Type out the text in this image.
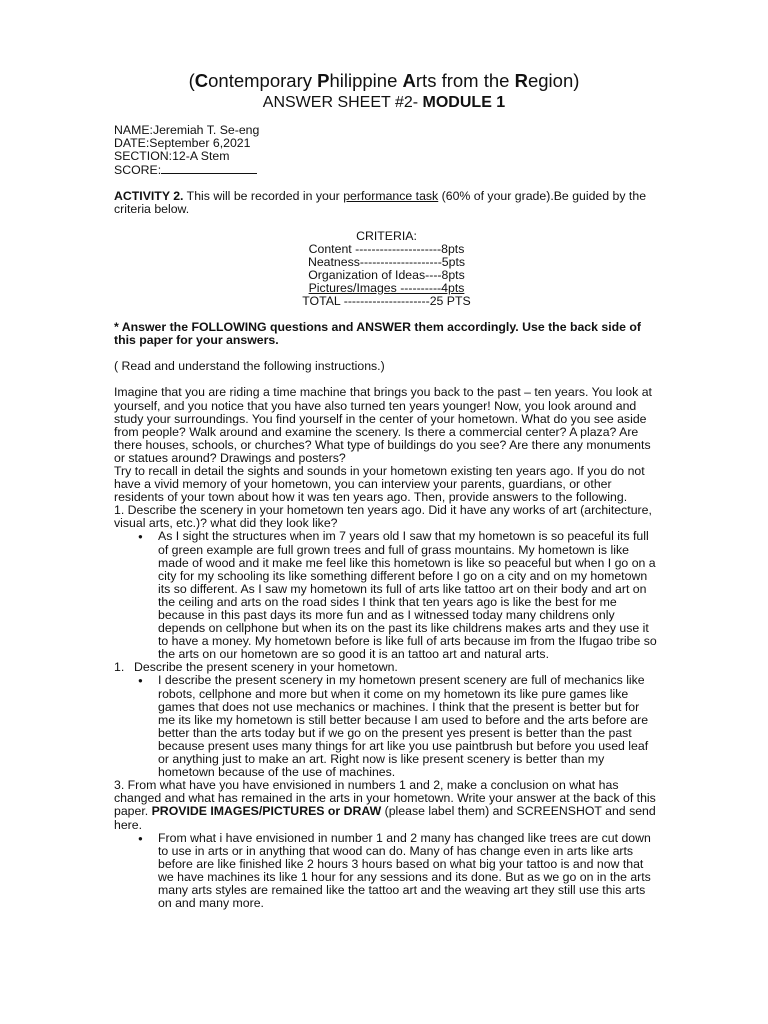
(Contemporary Philippine Arts from the Region)
ANSWER SHEET #2- MODULE 1

NAME:Jeremiah T. Se-eng

DATE:September 6,2021

SECTION:12-A Stem

SCORE:

ACTIVITY 2. This will be recorded in your performance task (60% of your grade).Be guided by the criteria below.

CRITERIA:

Content ---------------------8pts

Neatness--------------------5pts

Organization of Ideas----8pts

Pictures/Images ----------4pts

TOTAL ---------------------25 PTS

* Answer the FOLLOWING questions and ANSWER them accordingly. Use the back side of this paper for your answers.

( Read and understand the following instructions.)

Imagine that you are riding a time machine that brings you back to the past – ten years. You look at yourself, and you notice that you have also turned ten years younger! Now, you look around and study your surroundings. You find yourself in the center of your hometown. What do you see aside from people? Walk around and examine the scenery. Is there a commercial center? A plaza? Are there houses, schools, or churches? What type of buildings do you see? Are there any monuments or statues around? Drawings and posters?

Try to recall in detail the sights and sounds in your hometown existing ten years ago. If you do not have a vivid memory of your hometown, you can interview your parents, guardians, or other residents of your town about how it was ten years ago. Then, provide answers to the following.

1. Describe the scenery in your hometown ten years ago. Did it have any works of art (architecture, visual arts, etc.)? what did they look like?

● As I sight the structures when im 7 years old I saw that my hometown is so peaceful its full of green example are full grown trees and full of grass mountains. My hometown is like made of wood and it make me feel like this hometown is like so peaceful but when I go on a city for my schooling its like something different before I go on a city and on my hometown its so different. As I saw my hometown its full of arts like tattoo art on their body and art on the ceiling and arts on the road sides I think that ten years ago is like the best for me because in this past days its more fun and as I witnessed today many childrens only depends on cellphone but when its on the past its like childrens makes arts and they use it to have a money. My hometown before is like full of arts because im from the Ifugao tribe so the arts on our hometown are so good it is an tattoo art and natural arts.
1. Describe the present scenery in your hometown.
● I describe the present scenery in my hometown present scenery are full of mechanics like robots, cellphone and more but when it come on my hometown its like pure games like games that does not use mechanics or machines. I think that the present is better but for me its like my hometown is still better because I am used to before and the arts before are better than the arts today but if we go on the present yes present is better than the past because present uses many things for art like you use paintbrush but before you used leaf or anything just to make an art. Right now is like present scenery is better than my hometown because of the use of machines.

3. From what have you have envisioned in numbers 1 and 2, make a conclusion on what has changed and what has remained in the arts in your hometown. Write your answer at the back of this paper. PROVIDE IMAGES/PICTURES or DRAW (please label them) and SCREENSHOT and send here.

● From what i have envisioned in number 1 and 2 many has changed like trees are cut down to use in arts or in anything that wood can do. Many of has change even in arts like arts before are like finished like 2 hours 3 hours based on what big your tattoo is and now that we have machines its like 1 hour for any sessions and its done. But as we go on in the arts many arts styles are remained like the tattoo art and the weaving art they still use this arts on and many more.
